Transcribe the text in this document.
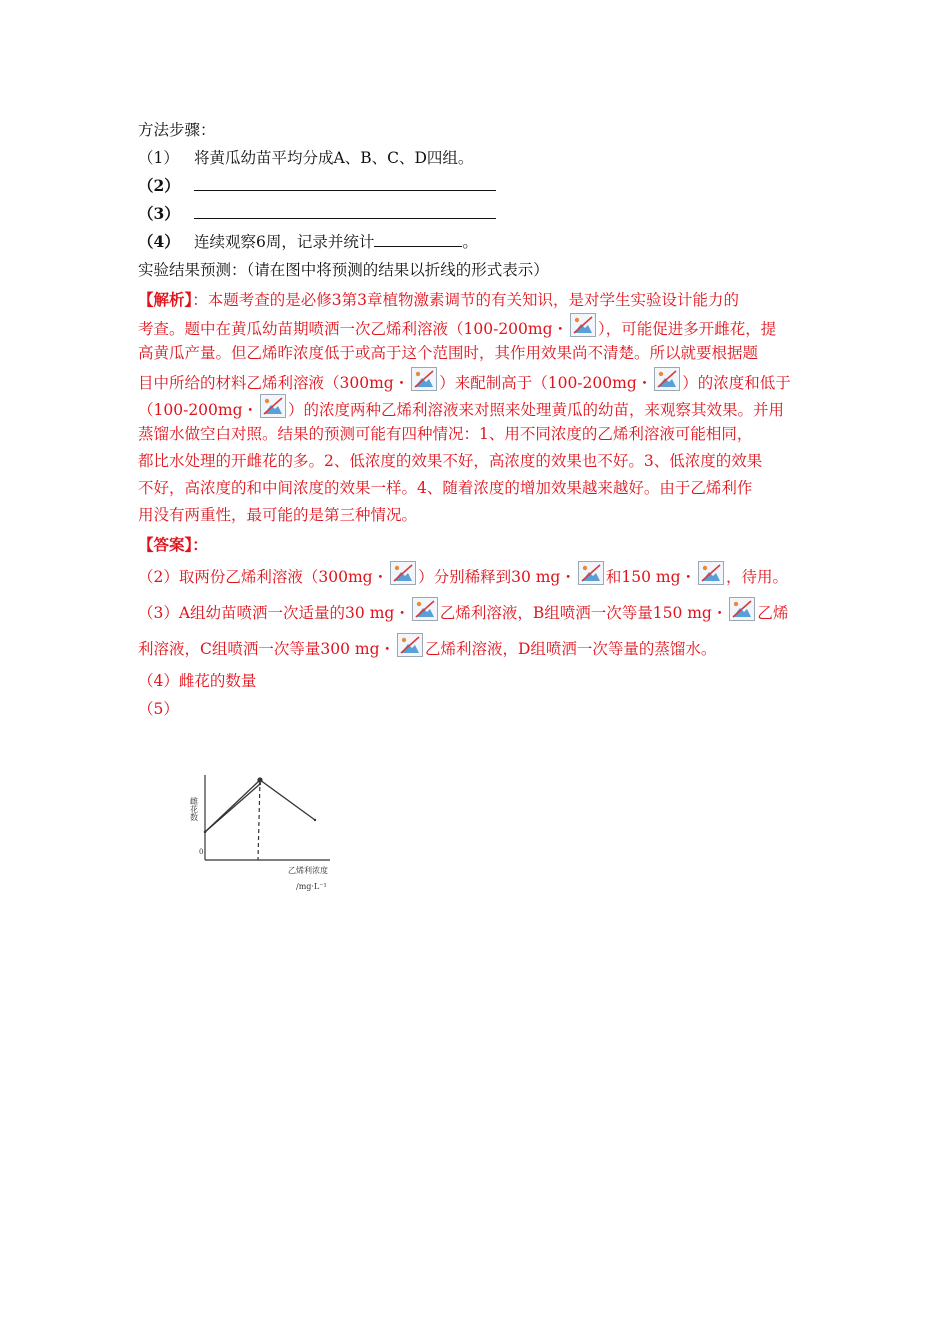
方法步骤：
（1） 将黄瓜幼苗平均分成A、B、C、D四组。
（2）
（3）
（4） 连续观察6周，记录并统计	。
实验结果预测：（请在图中将预测的结果以折线的形式表示）
【解析】：本题考查的是必修3第3章植物激素调节的有关知识，是对学生实验设计能力的
考查。题中在黄瓜幼苗期喷洒一次乙烯利溶液（100-200mg・ ），可能促进多开雌花，提
高黄瓜产量。但乙烯昨浓度低于或高于这个范围时，其作用效果尚不清楚。所以就要根据题
目中所给的材料乙烯利溶液（300mg・ ）来配制高于（100-200mg・ ）的浓度和低于
（100-200mg・ ）的浓度两种乙烯利溶液来对照来处理黄瓜的幼苗，来观察其效果。并用
蒸馏水做空白对照。结果的预测可能有四种情况：1、用不同浓度的乙烯利溶液可能相同，
都比水处理的开雌花的多。2、低浓度的效果不好，高浓度的效果也不好。3、低浓度的效果
不好，高浓度的和中间浓度的效果一样。4、随着浓度的增加效果越来越好。由于乙烯利作
用没有两重性，最可能的是第三种情况。
【答案】：
（2）取两份乙烯利溶液（300mg・ ）分别稀释到30 mg・ 和150 mg・ ，待用。
（3）A组幼苗喷洒一次适量的30 mg・ 乙烯利溶液，B组喷洒一次等量150 mg・ 乙烯
利溶液，C组喷洒一次等量300 mg・ 乙烯利溶液，D组喷洒一次等量的蒸馏水。
（4）雌花的数量
（5）
雌花数
0
乙烯利浓度
/mg·L⁻¹
